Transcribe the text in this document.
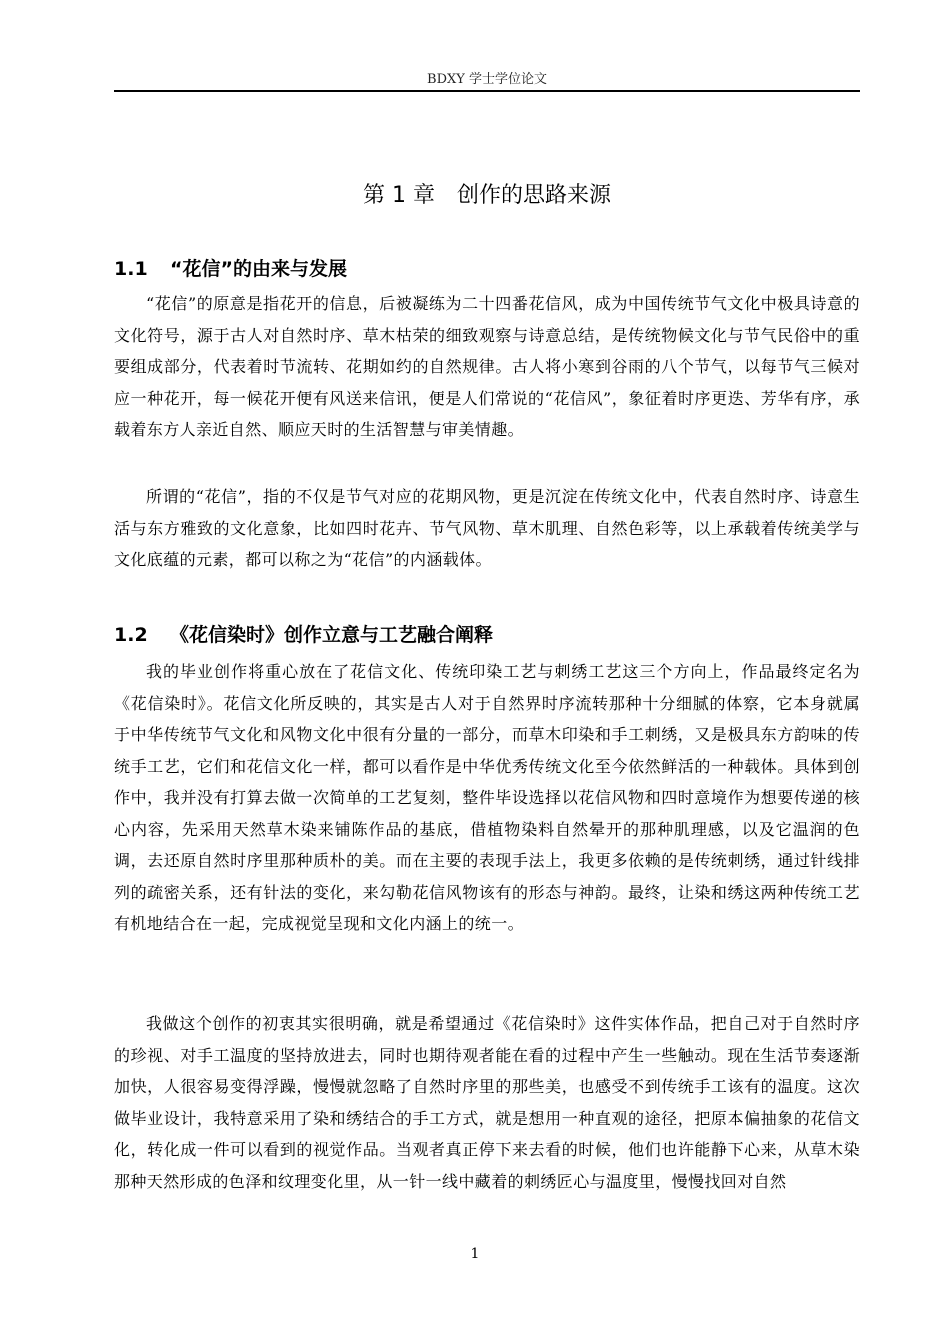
BDXY 学士学位论文
第 1 章　创作的思路来源
1.1 “花信”的由来与发展

“花信”的原意是指花开的信息，后被凝练为二十四番花信风，成为中国传统节气文化中极具诗意的文化符号，源于古人对自然时序、草木枯荣的细致观察与诗意总结，是传统物候文化与节气民俗中的重要组成部分，代表着时节流转、花期如约的自然规律。古人将小寒到谷雨的八个节气，以每节气三候对应一种花开，每一候花开便有风送来信讯，便是人们常说的“花信风”，象征着时序更迭、芳华有序，承载着东方人亲近自然、顺应天时的生活智慧与审美情趣。

所谓的“花信”，指的不仅是节气对应的花期风物，更是沉淀在传统文化中，代表自然时序、诗意生活与东方雅致的文化意象，比如四时花卉、节气风物、草木肌理、自然色彩等，以上承载着传统美学与文化底蕴的元素，都可以称之为“花信”的内涵载体。

1.2 《花信染时》创作立意与工艺融合阐释

我的毕业创作将重心放在了花信文化、传统印染工艺与刺绣工艺这三个方向上，作品最终定名为《花信染时》。花信文化所反映的，其实是古人对于自然界时序流转那种十分细腻的体察，它本身就属于中华传统节气文化和风物文化中很有分量的一部分，而草木印染和手工刺绣，又是极具东方韵味的传统手工艺，它们和花信文化一样，都可以看作是中华优秀传统文化至今依然鲜活的一种载体。具体到创作中，我并没有打算去做一次简单的工艺复刻，整件毕设选择以花信风物和四时意境作为想要传递的核心内容，先采用天然草木染来铺陈作品的基底，借植物染料自然晕开的那种肌理感，以及它温润的色调，去还原自然时序里那种质朴的美。而在主要的表现手法上，我更多依赖的是传统刺绣，通过针线排列的疏密关系，还有针法的变化，来勾勒花信风物该有的形态与神韵。最终，让染和绣这两种传统工艺有机地结合在一起，完成视觉呈现和文化内涵上的统一。

我做这个创作的初衷其实很明确，就是希望通过《花信染时》这件实体作品，把自己对于自然时序的珍视、对手工温度的坚持放进去，同时也期待观者能在看的过程中产生一些触动。现在生活节奏逐渐加快，人很容易变得浮躁，慢慢就忽略了自然时序里的那些美，也感受不到传统手工该有的温度。这次做毕业设计，我特意采用了染和绣结合的手工方式，就是想用一种直观的途径，把原本偏抽象的花信文化，转化成一件可以看到的视觉作品。当观者真正停下来去看的时候，他们也许能静下心来，从草木染那种天然形成的色泽和纹理变化里，从一针一线中藏着的刺绣匠心与温度里，慢慢找回对自然

1
